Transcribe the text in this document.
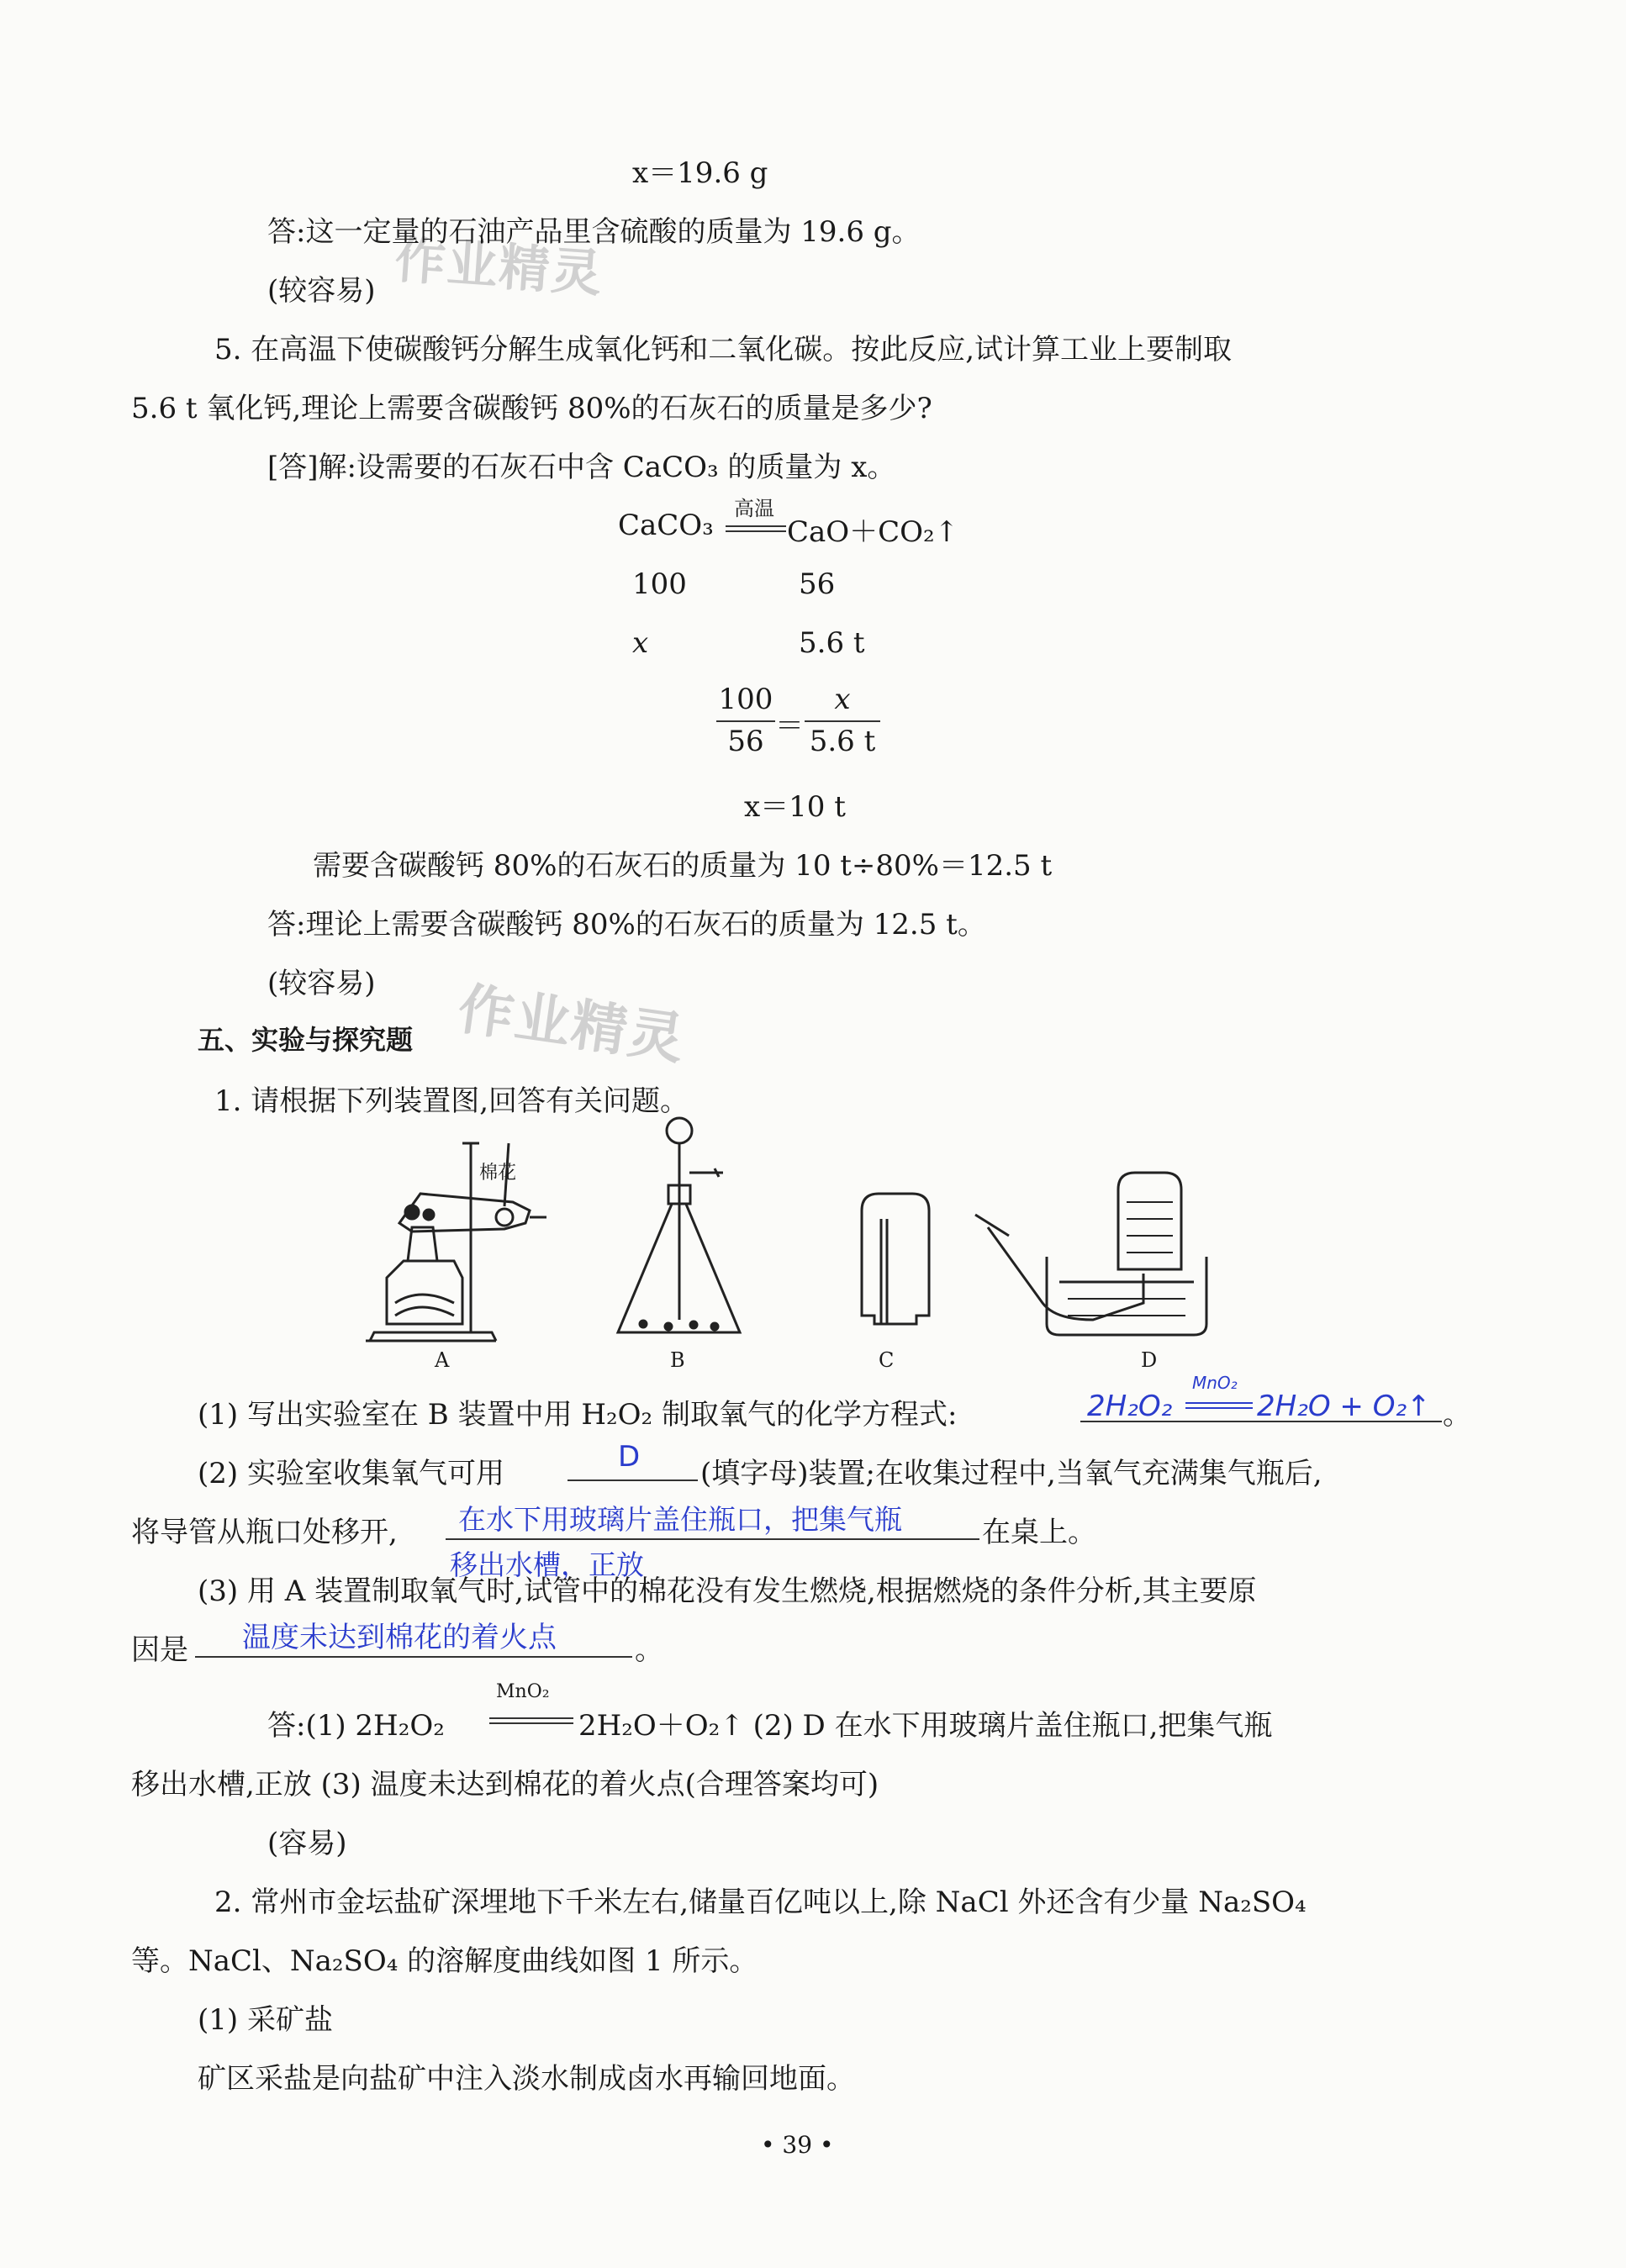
作业精灵
作业精灵
x＝19.6 g
答:这一定量的石油产品里含硫酸的质量为 19.6 g。
(较容易)
5. 在高温下使碳酸钙分解生成氧化钙和二氧化碳。按此反应,试计算工业上要制取
5.6 t 氧化钙,理论上需要含碳酸钙 80%的石灰石的质量是多少?
[答]解:设需要的石灰石中含 CaCO₃ 的质量为 x。
CaCO₃ 高温
CaO＋CO₂↑
100	56
x	5.6 t
100
56 ＝
x
5.6 t
x＝10 t
需要含碳酸钙 80%的石灰石的质量为 10 t÷80%＝12.5 t
答:理论上需要含碳酸钙 80%的石灰石的质量为 12.5 t。
(较容易)
五、实验与探究题
1. 请根据下列装置图,回答有关问题。
棉花
A	B	C	D
(1) 写出实验室在 B 装置中用 H₂O₂ 制取氧气的化学方程式:	2H₂O₂
MnO₂
2H₂O + O₂↑ 。
(2) 实验室收集氧气可用	D (填字母)装置;在收集过程中,当氧气充满集气瓶后,
将导管从瓶口处移开, 在水下用玻璃片盖住瓶口，把集气瓶	在桌上。
移出水槽，正放
(3) 用 A 装置制取氧气时,试管中的棉花没有发生燃烧,根据燃烧的条件分析,其主要原
因是 温度未达到棉花的着火点	。
答:(1) 2H₂O₂
MnO₂
2H₂O＋O₂↑ (2) D 在水下用玻璃片盖住瓶口,把集气瓶
移出水槽,正放 (3) 温度未达到棉花的着火点(合理答案均可)
(容易)
2. 常州市金坛盐矿深埋地下千米左右,储量百亿吨以上,除 NaCl 外还含有少量 Na₂SO₄
等。NaCl、Na₂SO₄ 的溶解度曲线如图 1 所示。
(1) 采矿盐
矿区采盐是向盐矿中注入淡水制成卤水再输回地面。
• 39 •
